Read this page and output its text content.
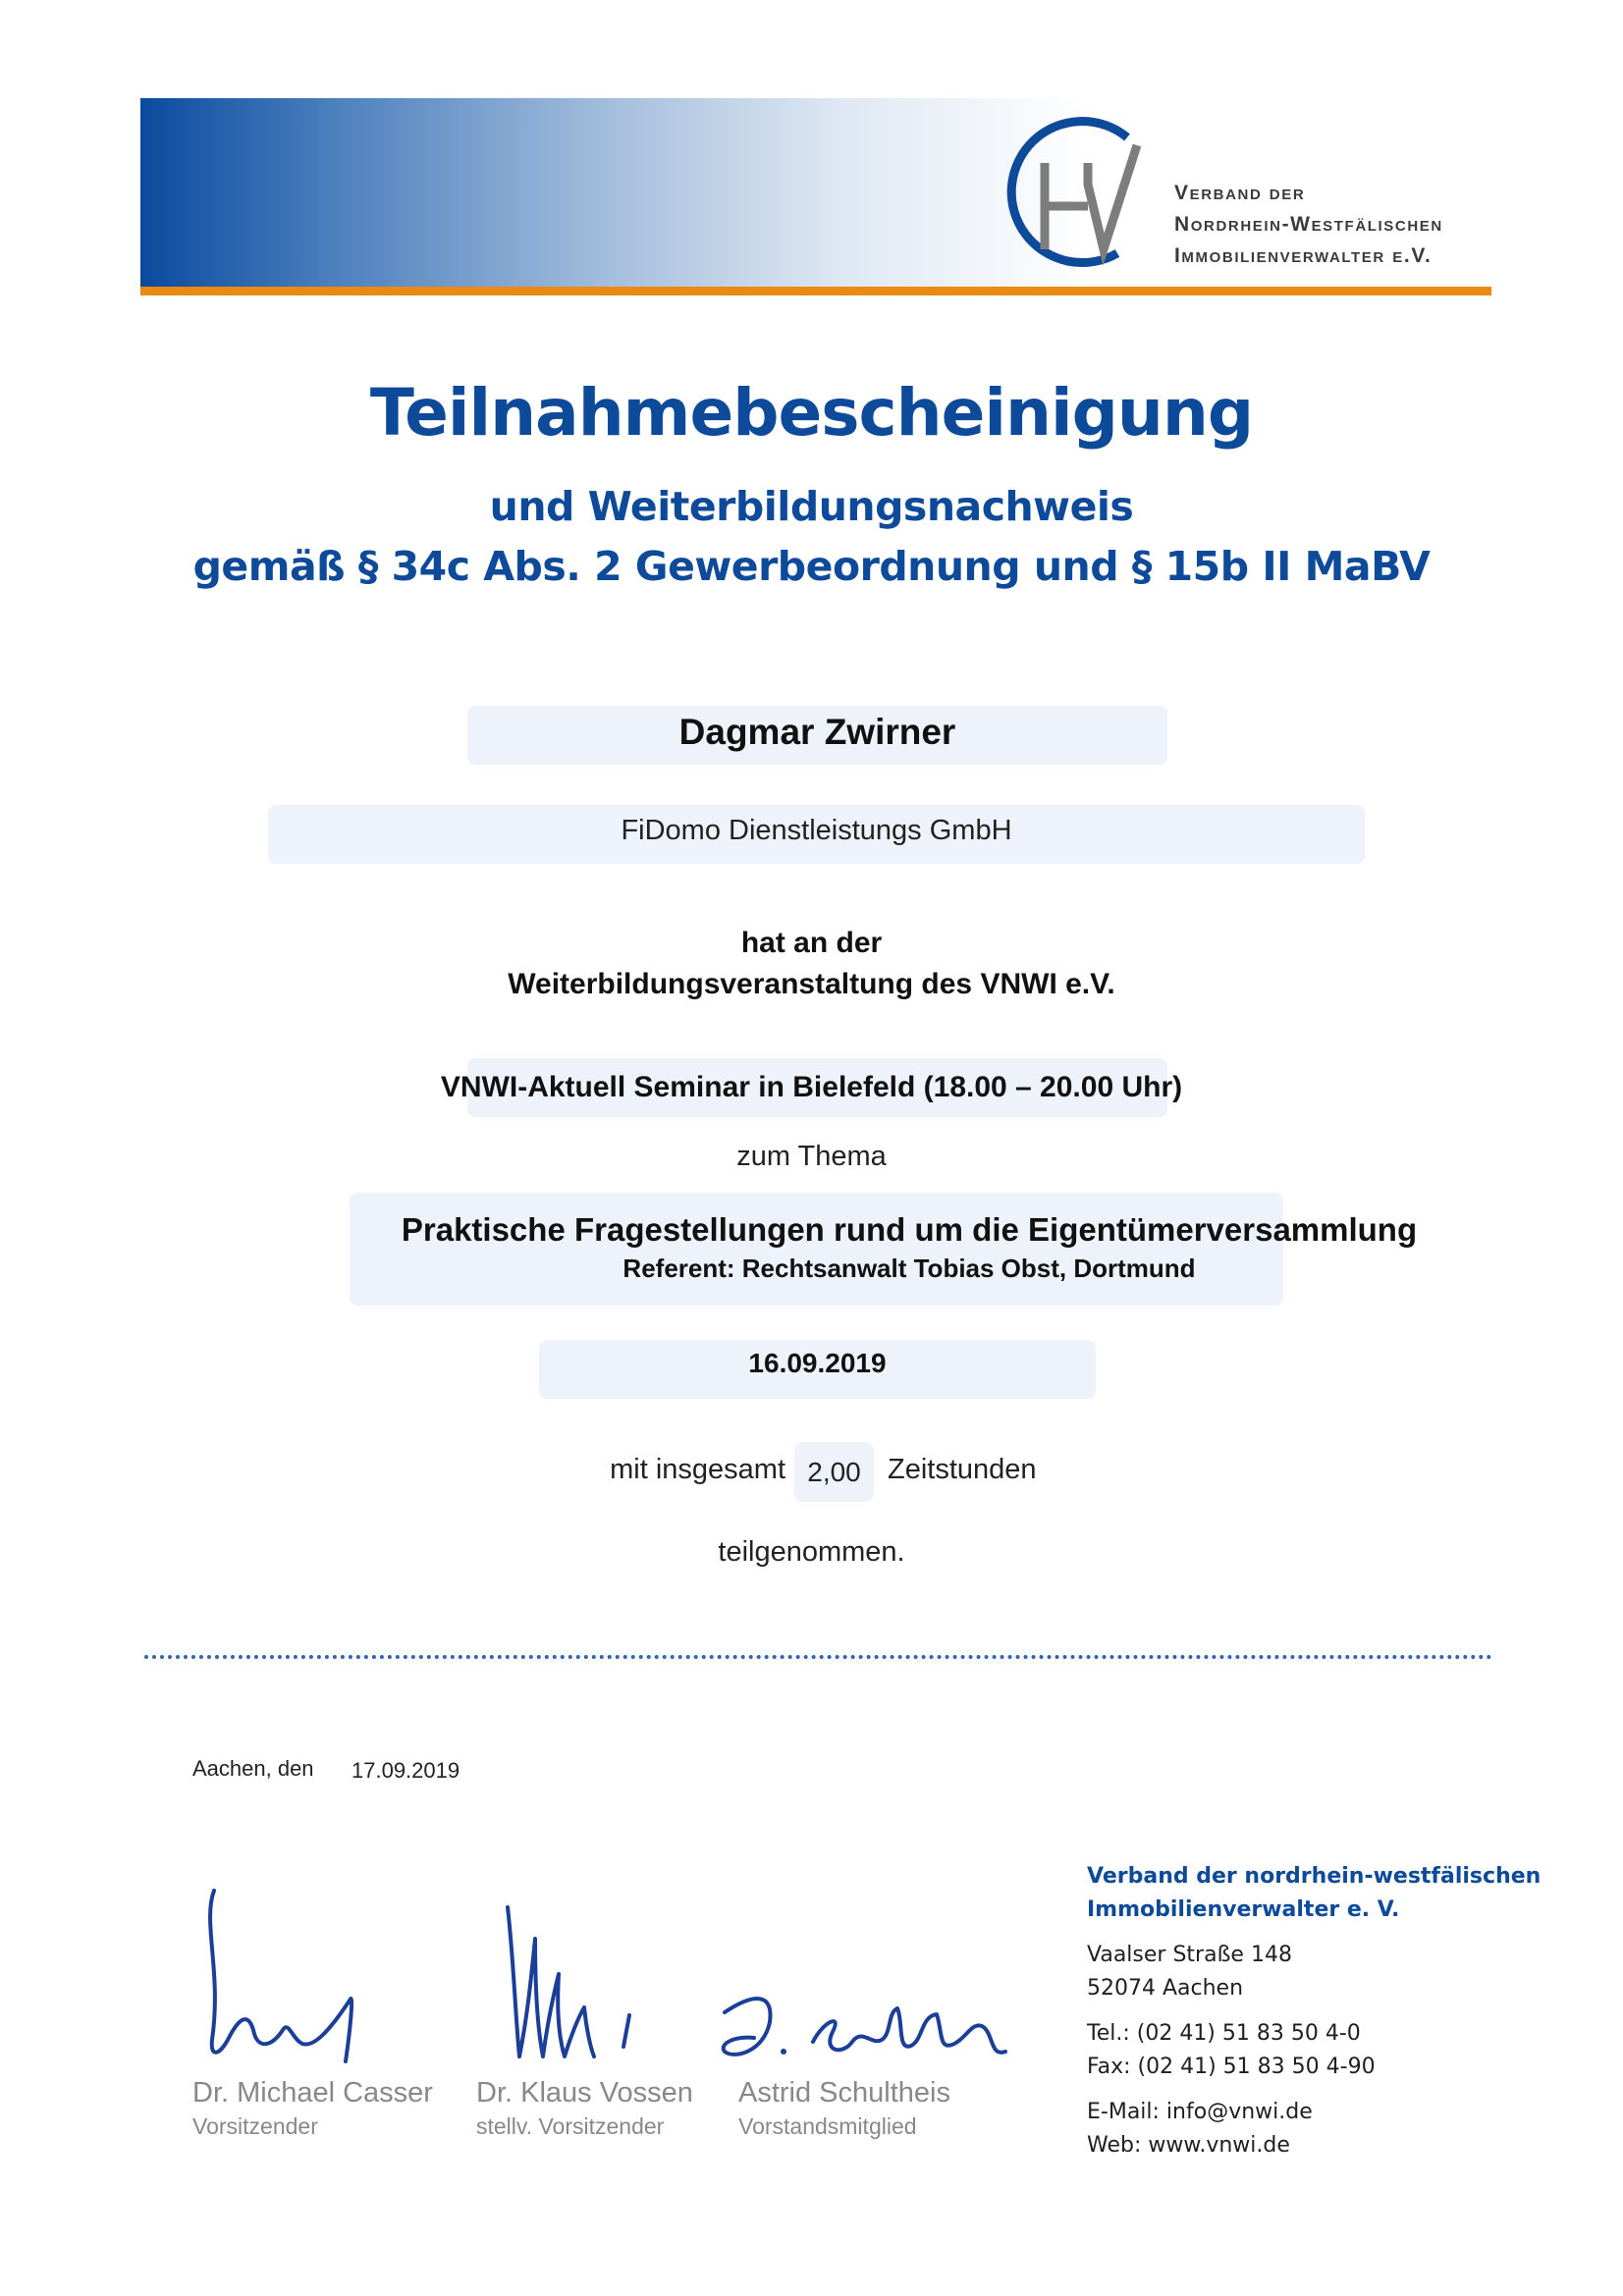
Verband der
Nordrhein-Westfälischen
Immobilienverwalter e.V.
Teilnahmebescheinigung
und Weiterbildungsnachweis
gemäß § 34c Abs. 2 Gewerbeordnung und § 15b II MaBV
Dagmar Zwirner
FiDomo Dienstleistungs GmbH
hat an der
Weiterbildungsveranstaltung des VNWI e.V.
VNWI-Aktuell Seminar in Bielefeld (18.00 – 20.00 Uhr)
zum Thema
Praktische Fragestellungen rund um die Eigentümerversammlung
Referent: Rechtsanwalt Tobias Obst, Dortmund
16.09.2019
mit insgesamt 2,00 Zeitstunden
teilgenommen.
Aachen, den 17.09.2019
Dr. Michael Casser
Vorsitzender
Dr. Klaus Vossen
stellv. Vorsitzender
Astrid Schultheis
Vorstandsmitglied
Verband der nordrhein-westfälischen
Immobilienverwalter e. V.
Vaalser Straße 148
52074 Aachen
Tel.: (02 41) 51 83 50 4-0
Fax: (02 41) 51 83 50 4-90
E-Mail: info@vnwi.de
Web: www.vnwi.de
